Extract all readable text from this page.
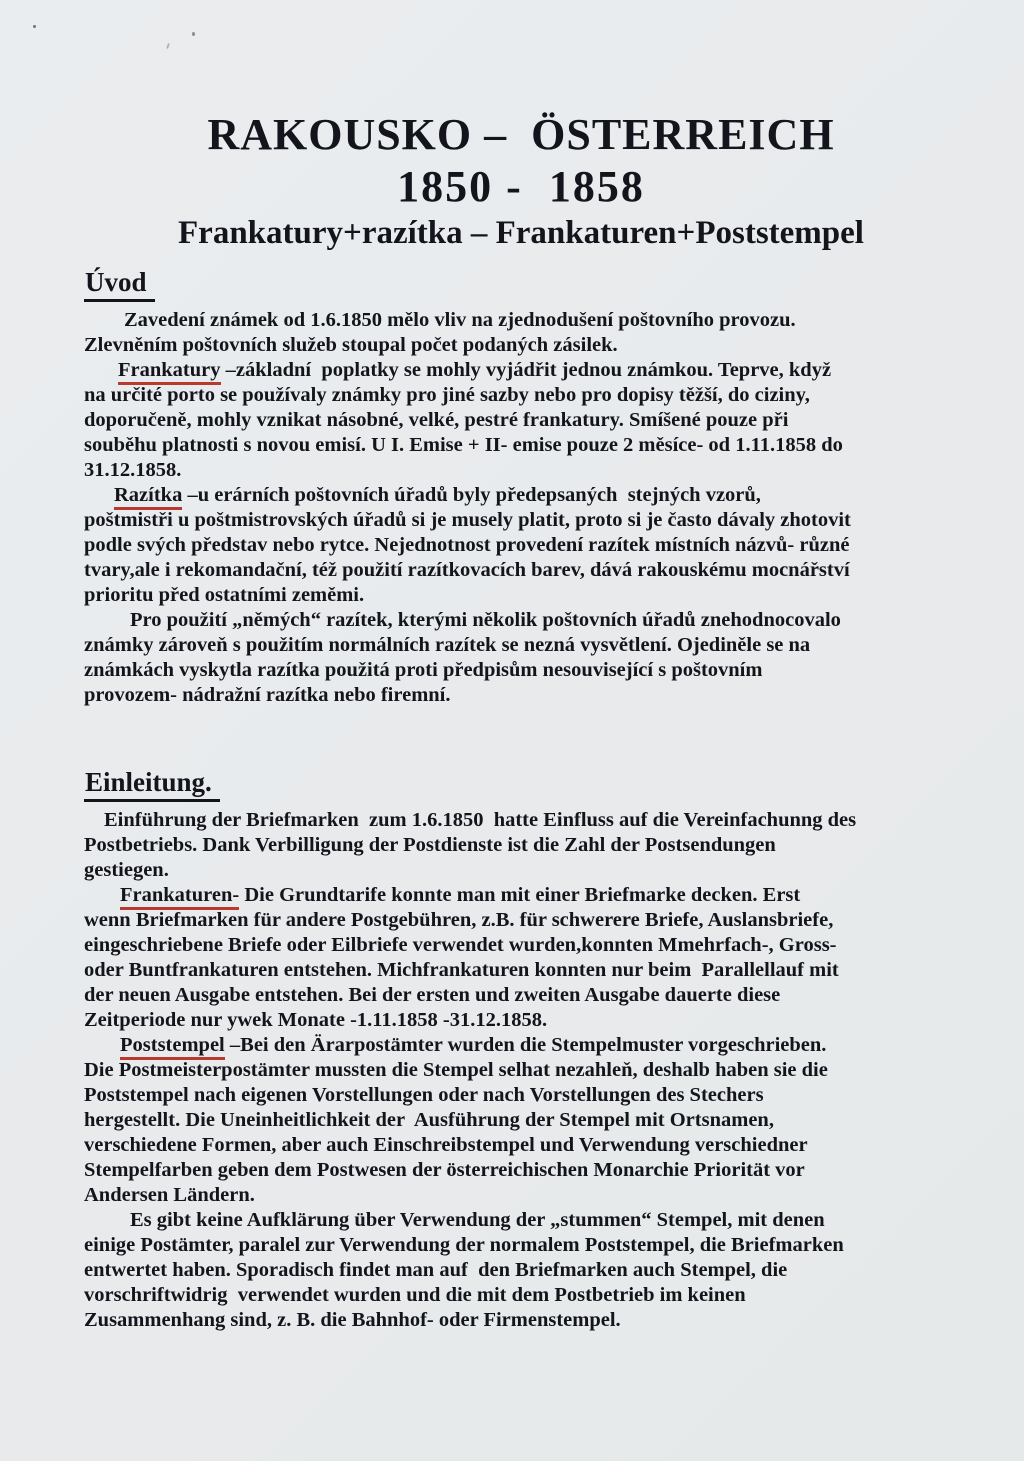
RAKOUSKO –  ÖSTERREICH
1850 -  1858
Frankatury+razítka – Frankaturen+Poststempel
Úvod
Zavedení známek od 1.6.1850 mělo vliv na zjednodušení poštovního provozu.
Zlevněním poštovních služeb stoupal počet podaných zásilek.
Frankatury –základní  poplatky se mohly vyjádřit jednou známkou. Teprve, když
na určité porto se používaly známky pro jiné sazby nebo pro dopisy těžší, do ciziny,
doporučeně, mohly vznikat násobné, velké, pestré frankatury. Smíšené pouze při
souběhu platnosti s novou emisí. U I. Emise + II- emise pouze 2 měsíce- od 1.11.1858 do
31.12.1858.
Razítka –u erárních poštovních úřadů byly předepsaných  stejných vzorů,
poštmistři u poštmistrovských úřadů si je musely platit, proto si je často dávaly zhotovit
podle svých představ nebo rytce. Nejednotnost provedení razítek místních názvů- různé
tvary,ale i rekomandační, též použití razítkovacích barev, dává rakouskému mocnářství
prioritu před ostatními zeměmi.
Pro použití „němých“ razítek, kterými několik poštovních úřadů znehodnocovalo
známky zároveň s použitím normálních razítek se nezná vysvětlení. Ojediněle se na
známkách vyskytla razítka použitá proti předpisům nesouvisející s poštovním
provozem- nádražní razítka nebo firemní.
Einleitung.
Einführung der Briefmarken  zum 1.6.1850  hatte Einfluss auf die Vereinfachunng des
Postbetriebs. Dank Verbilligung der Postdienste ist die Zahl der Postsendungen
gestiegen.
Frankaturen- Die Grundtarife konnte man mit einer Briefmarke decken. Erst
wenn Briefmarken für andere Postgebühren, z.B. für schwerere Briefe, Auslansbriefe,
eingeschriebene Briefe oder Eilbriefe verwendet wurden,konnten Mmehrfach-, Gross-
oder Buntfrankaturen entstehen. Michfrankaturen konnten nur beim  Parallellauf mit
der neuen Ausgabe entstehen. Bei der ersten und zweiten Ausgabe dauerte diese
Zeitperiode nur ywek Monate -1.11.1858 -31.12.1858.
Poststempel –Bei den Ärarpostämter wurden die Stempelmuster vorgeschrieben.
Die Postmeisterpostämter mussten die Stempel selhat nezahleň, deshalb haben sie die
Poststempel nach eigenen Vorstellungen oder nach Vorstellungen des Stechers
hergestellt. Die Uneinheitlichkeit der  Ausführung der Stempel mit Ortsnamen,
verschiedene Formen, aber auch Einschreibstempel und Verwendung verschiedner
Stempelfarben geben dem Postwesen der österreichischen Monarchie Priorität vor
Andersen Ländern.
Es gibt keine Aufklärung über Verwendung der „stummen“ Stempel, mit denen
einige Postämter, paralel zur Verwendung der normalem Poststempel, die Briefmarken
entwertet haben. Sporadisch findet man auf  den Briefmarken auch Stempel, die
vorschriftwidrig  verwendet wurden und die mit dem Postbetrieb im keinen
Zusammenhang sind, z. B. die Bahnhof- oder Firmenstempel.
